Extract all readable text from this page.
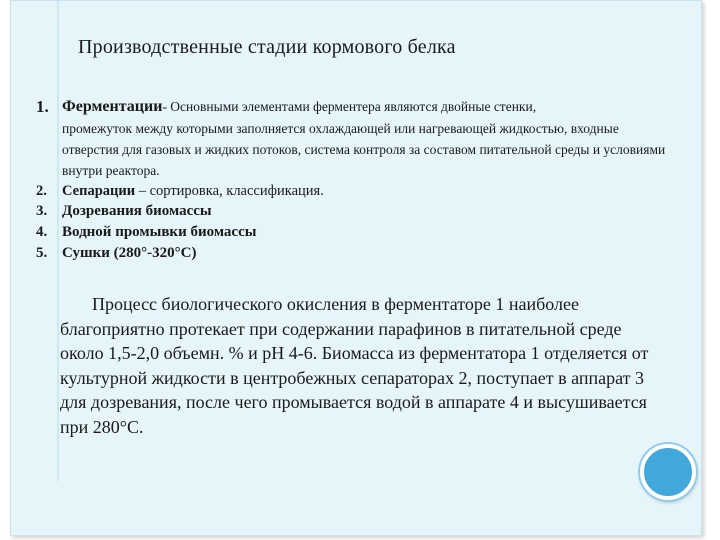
Производственные стадии кормового белка
1. Ферментации- Основными элементами ферментера являются двойные стенки,
промежуток между которыми заполняется охлаждающей или нагревающей жидкостью, входные отверстия для газовых и жидких потоков, система контроля за составом питательной среды и условиями внутри реактора.
2. Сепарации – сортировка, классификация.
3. Дозревания биомассы
4. Водной промывки биомассы
5. Сушки (280°-320°С)

Процесс биологического окисления в ферментаторе 1 наиболее благоприятно протекает при содержании парафинов в питательной среде около 1,5-2,0 объемн. % и рН 4-6. Биомасса из ферментатора 1 отделяется от культурной жидкости в центробежных сепараторах 2, поступает в аппарат 3 для дозревания, после чего промывается водой в аппарате 4 и высушивается при 280°С.
